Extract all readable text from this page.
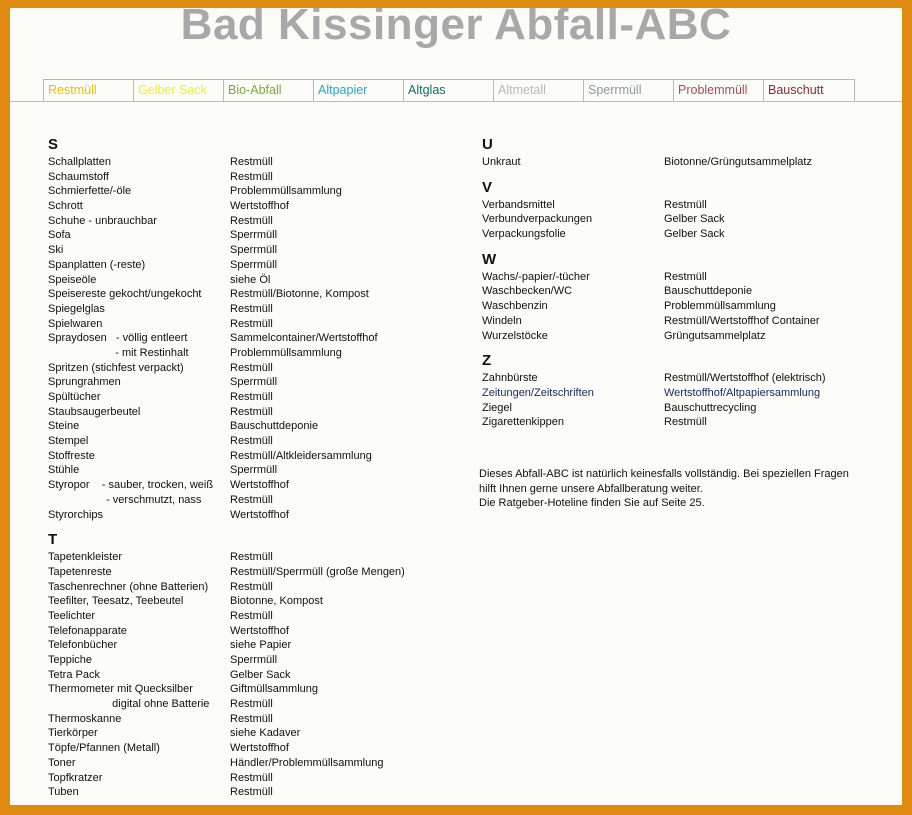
Bad Kissinger Abfall-ABC
Restmüll	Gelber Sack	Bio-Abfall	Altpapier	Altglas	Altmetall	Sperrmüll	Problemmüll	Bauschutt
S
Schallplatten	Restmüll
Schaumstoff	Restmüll
Schmierfette/-öle	Problemmüllsammlung
Schrott	Wertstoffhof
Schuhe - unbrauchbar	Restmüll
Sofa	Sperrmüll
Ski	Sperrmüll
Spanplatten (-reste)	Sperrmüll
Speiseöle	siehe Öl
Speisereste gekocht/ungekocht	Restmüll/Biotonne, Kompost
Spiegelglas	Restmüll
Spielwaren	Restmüll
Spraydosen   - völlig entleert	Sammelcontainer/Wertstoffhof
- mit Restinhalt	Problemmüllsammlung
Spritzen (stichfest verpackt)	Restmüll
Sprungrahmen	Sperrmüll
Spültücher	Restmüll
Staubsaugerbeutel	Restmüll
Steine	Bauschuttdeponie
Stempel	Restmüll
Stoffreste	Restmüll/Altkleidersammlung
Stühle	Sperrmüll
Styropor    - sauber, trocken, weiß	Wertstoffhof
- verschmutzt, nass	Restmüll
Styrorchips	Wertstoffhof
T
Tapetenkleister	Restmüll
Tapetenreste	Restmüll/Sperrmüll (große Mengen)
Taschenrechner (ohne Batterien)	Restmüll
Teefilter, Teesatz, Teebeutel	Biotonne, Kompost
Teelichter	Restmüll
Telefonapparate	Wertstoffhof
Telefonbücher	siehe Papier
Teppiche	Sperrmüll
Tetra Pack	Gelber Sack
Thermometer mit Quecksilber	Giftmüllsammlung
digital ohne Batterie	Restmüll
Thermoskanne	Restmüll
Tierkörper	siehe Kadaver
Töpfe/Pfannen (Metall)	Wertstoffhof
Toner	Händler/Problemmüllsammlung
Topfkratzer	Restmüll
Tuben	Restmüll
U
Unkraut	Biotonne/Grüngutsammelplatz
V
Verbandsmittel	Restmüll
Verbundverpackungen	Gelber Sack
Verpackungsfolie	Gelber Sack
W
Wachs/-papier/-tücher	Restmüll
Waschbecken/WC	Bauschuttdeponie
Waschbenzin	Problemmüllsammlung
Windeln	Restmüll/Wertstoffhof Container
Wurzelstöcke	Grüngutsammelplatz
Z
Zahnbürste	Restmüll/Wertstoffhof (elektrisch)
Zeitungen/Zeitschriften	Wertstoffhof/Altpapiersammlung
Ziegel	Bauschuttrecycling
Zigarettenkippen	Restmüll
Dieses Abfall-ABC ist natürlich keinesfalls vollständig. Bei speziellen Fragen
hilft Ihnen gerne unsere Abfallberatung weiter.
Die Ratgeber-Hoteline finden Sie auf Seite 25.
